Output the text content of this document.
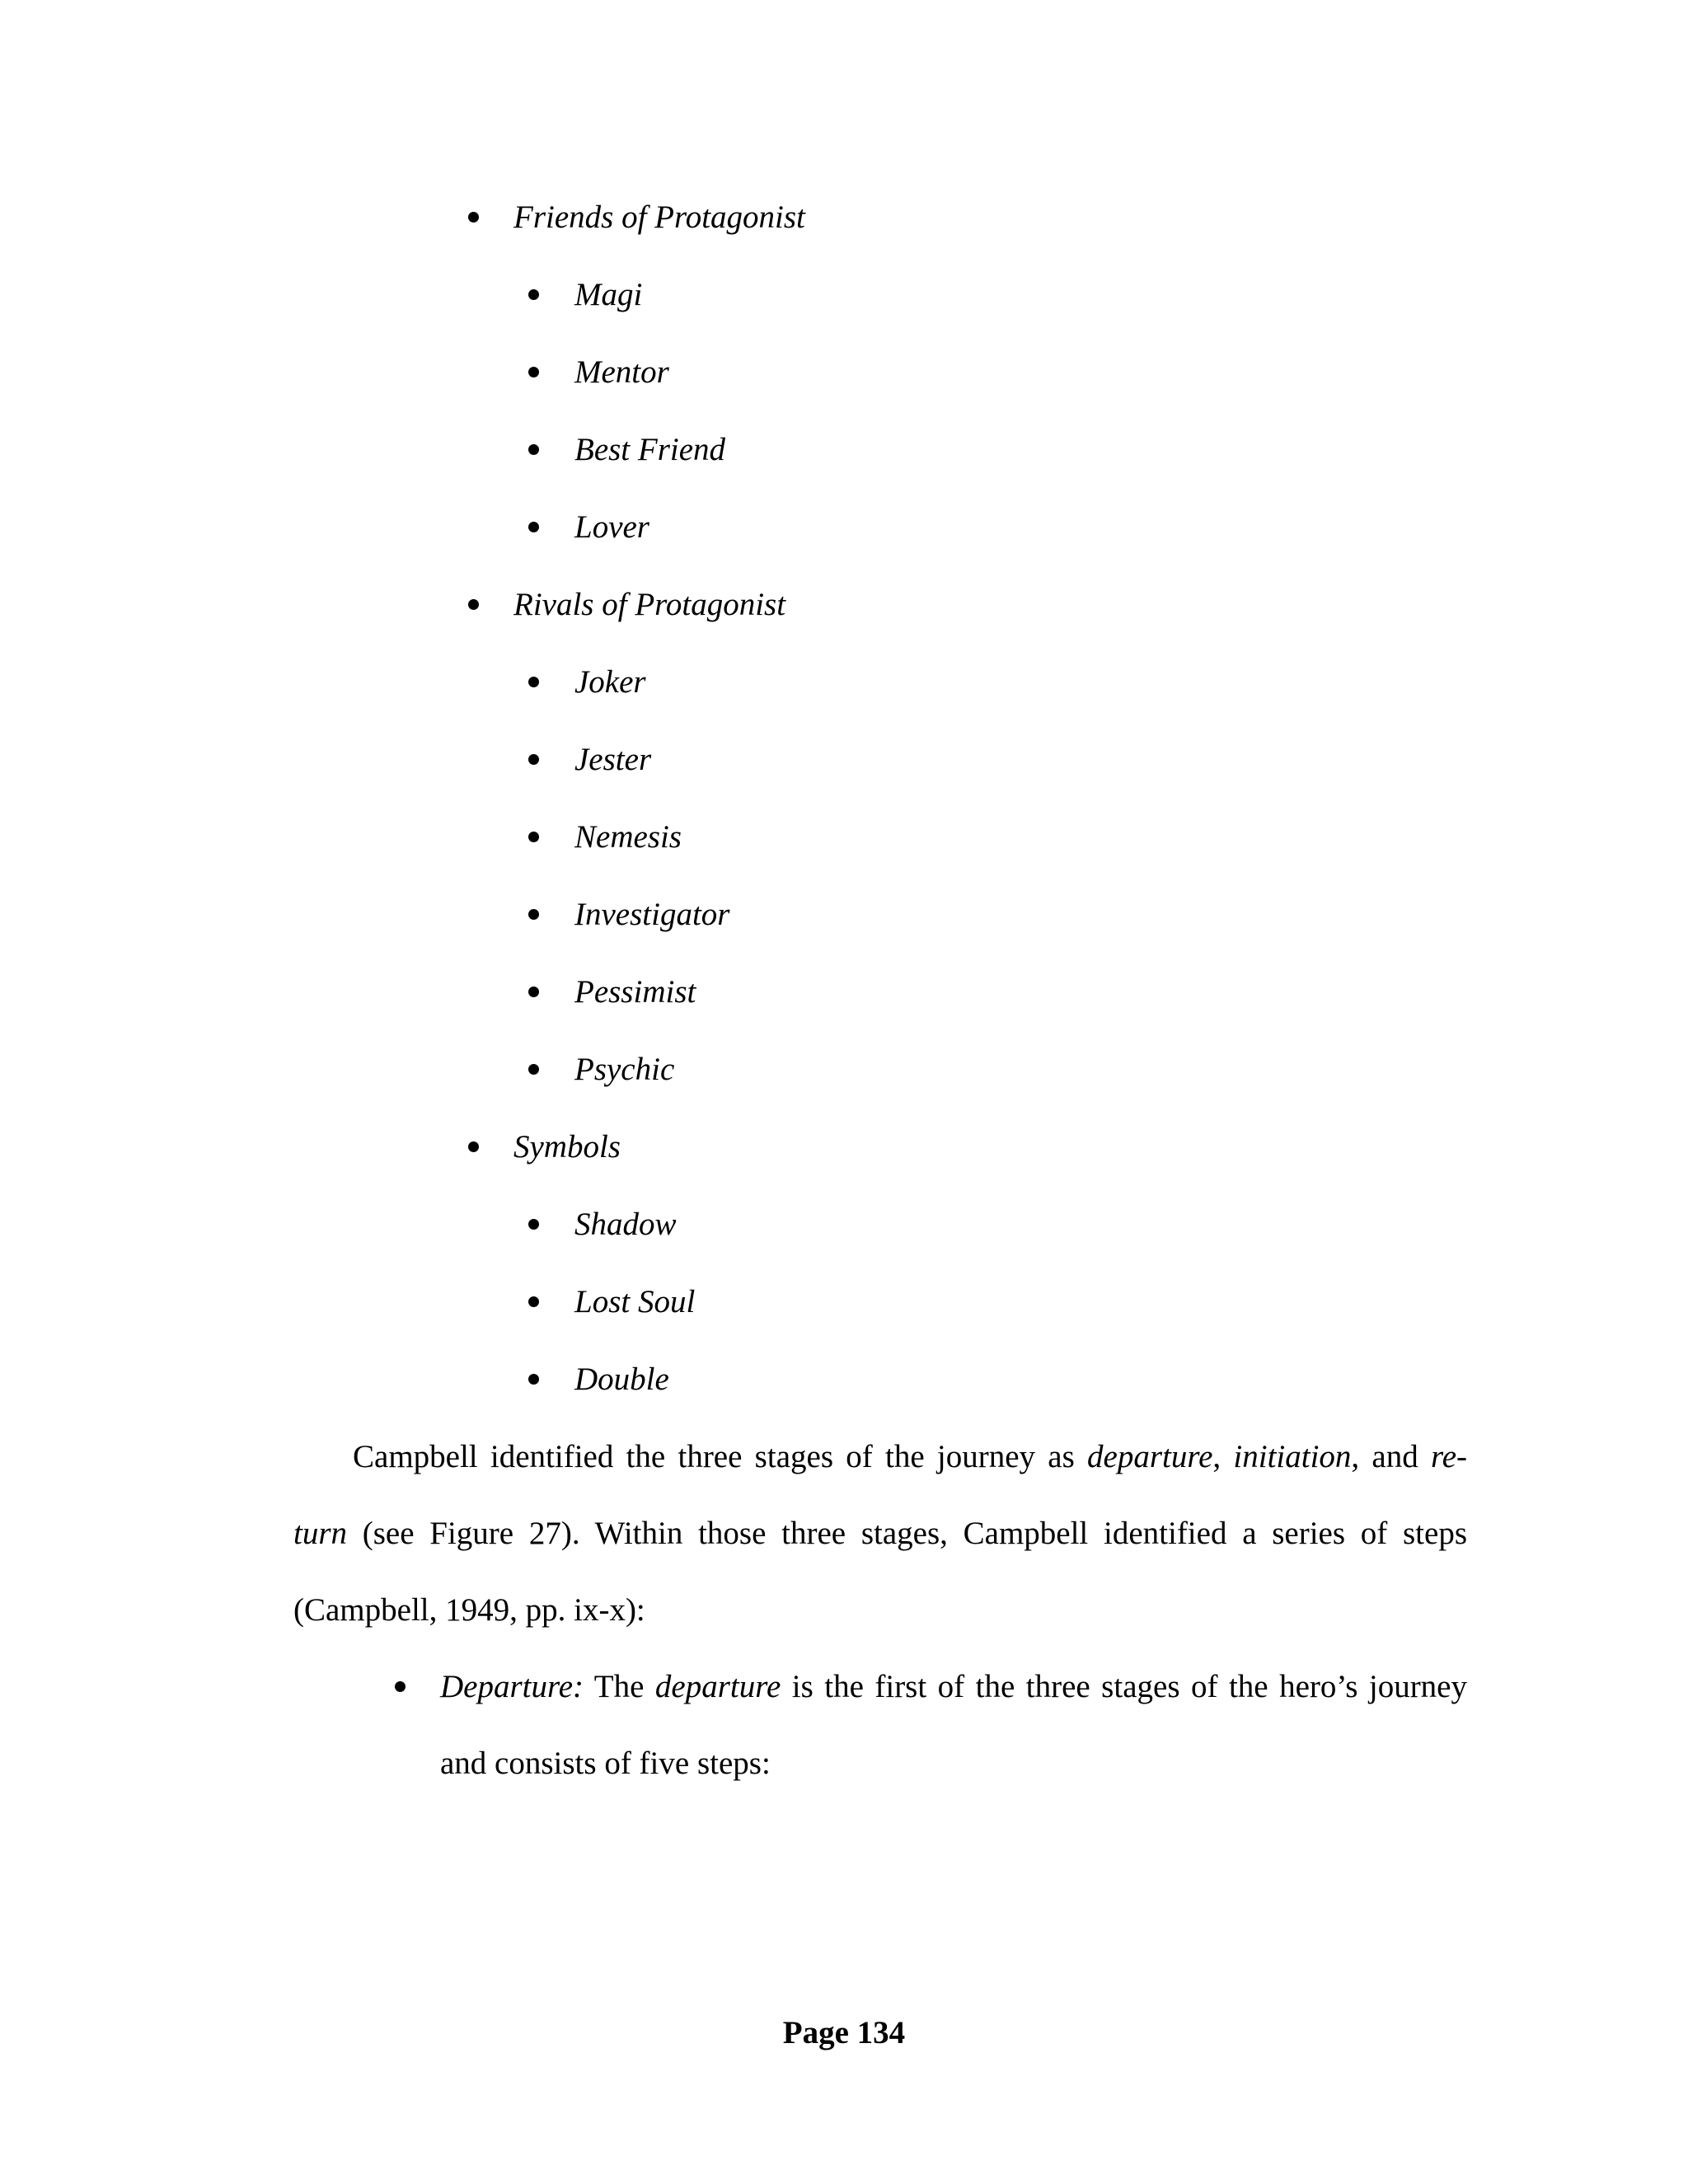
Friends of Protagonist
Magi
Mentor
Best Friend
Lover
Rivals of Protagonist
Joker
Jester
Nemesis
Investigator
Pessimist
Psychic
Symbols
Shadow
Lost Soul
Double
Campbell identified the three stages of the journey as departure, initiation, and re-
turn (see Figure 27). Within those three stages, Campbell identified a series of steps
(Campbell, 1949, pp. ix-x):
Departure: The departure is the first of the three stages of the hero’s journey
and consists of five steps:
Page 134
